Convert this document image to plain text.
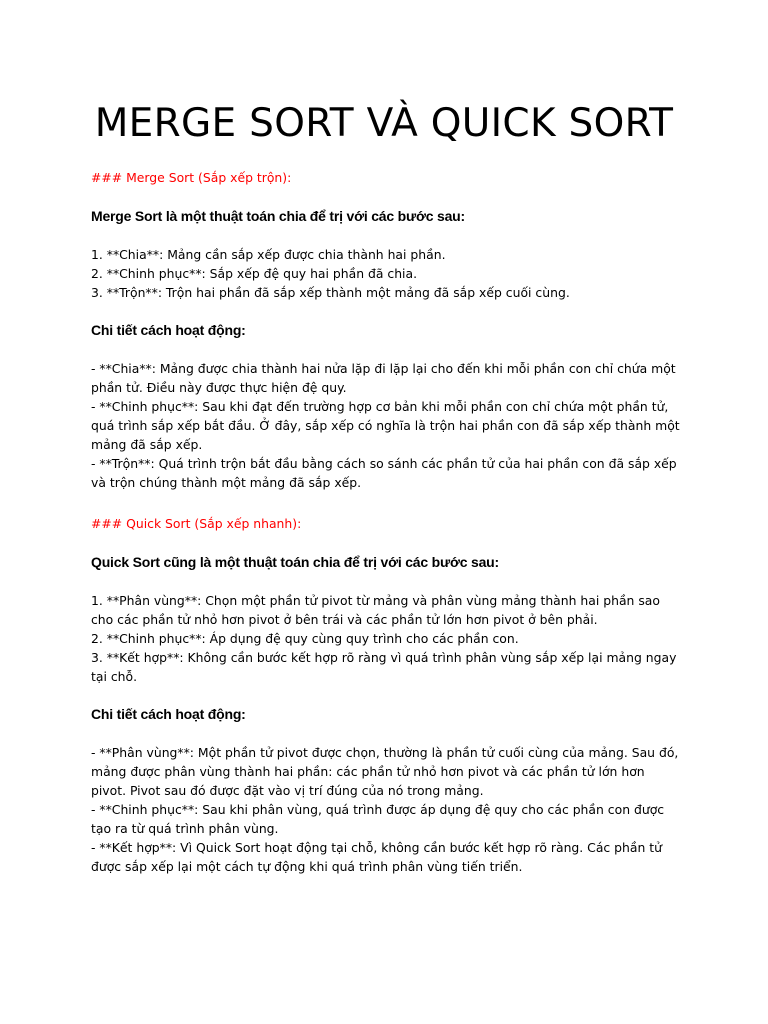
MERGE SORT VÀ QUICK SORT

### Merge Sort (Sắp xếp trộn):

Merge Sort là một thuật toán chia để trị với các bước sau:

1. **Chia**: Mảng cần sắp xếp được chia thành hai phần.

2. **Chinh phục**: Sắp xếp đệ quy hai phần đã chia.

3. **Trộn**: Trộn hai phần đã sắp xếp thành một mảng đã sắp xếp cuối cùng.

Chi tiết cách hoạt động:

- **Chia**: Mảng được chia thành hai nửa lặp đi lặp lại cho đến khi mỗi phần con chỉ chứa một phần tử. Điều này được thực hiện đệ quy.

- **Chinh phục**: Sau khi đạt đến trường hợp cơ bản khi mỗi phần con chỉ chứa một phần tử, quá trình sắp xếp bắt đầu. Ở đây, sắp xếp có nghĩa là trộn hai phần con đã sắp xếp thành một mảng đã sắp xếp.

- **Trộn**: Quá trình trộn bắt đầu bằng cách so sánh các phần tử của hai phần con đã sắp xếp và trộn chúng thành một mảng đã sắp xếp.

### Quick Sort (Sắp xếp nhanh):

Quick Sort cũng là một thuật toán chia để trị với các bước sau:

1. **Phân vùng**: Chọn một phần tử pivot từ mảng và phân vùng mảng thành hai phần sao cho các phần tử nhỏ hơn pivot ở bên trái và các phần tử lớn hơn pivot ở bên phải.

2. **Chinh phục**: Áp dụng đệ quy cùng quy trình cho các phần con.

3. **Kết hợp**: Không cần bước kết hợp rõ ràng vì quá trình phân vùng sắp xếp lại mảng ngay tại chỗ.

Chi tiết cách hoạt động:

- **Phân vùng**: Một phần tử pivot được chọn, thường là phần tử cuối cùng của mảng. Sau đó, mảng được phân vùng thành hai phần: các phần tử nhỏ hơn pivot và các phần tử lớn hơn pivot. Pivot sau đó được đặt vào vị trí đúng của nó trong mảng.

- **Chinh phục**: Sau khi phân vùng, quá trình được áp dụng đệ quy cho các phần con được tạo ra từ quá trình phân vùng.

- **Kết hợp**: Vì Quick Sort hoạt động tại chỗ, không cần bước kết hợp rõ ràng. Các phần tử được sắp xếp lại một cách tự động khi quá trình phân vùng tiến triển.
